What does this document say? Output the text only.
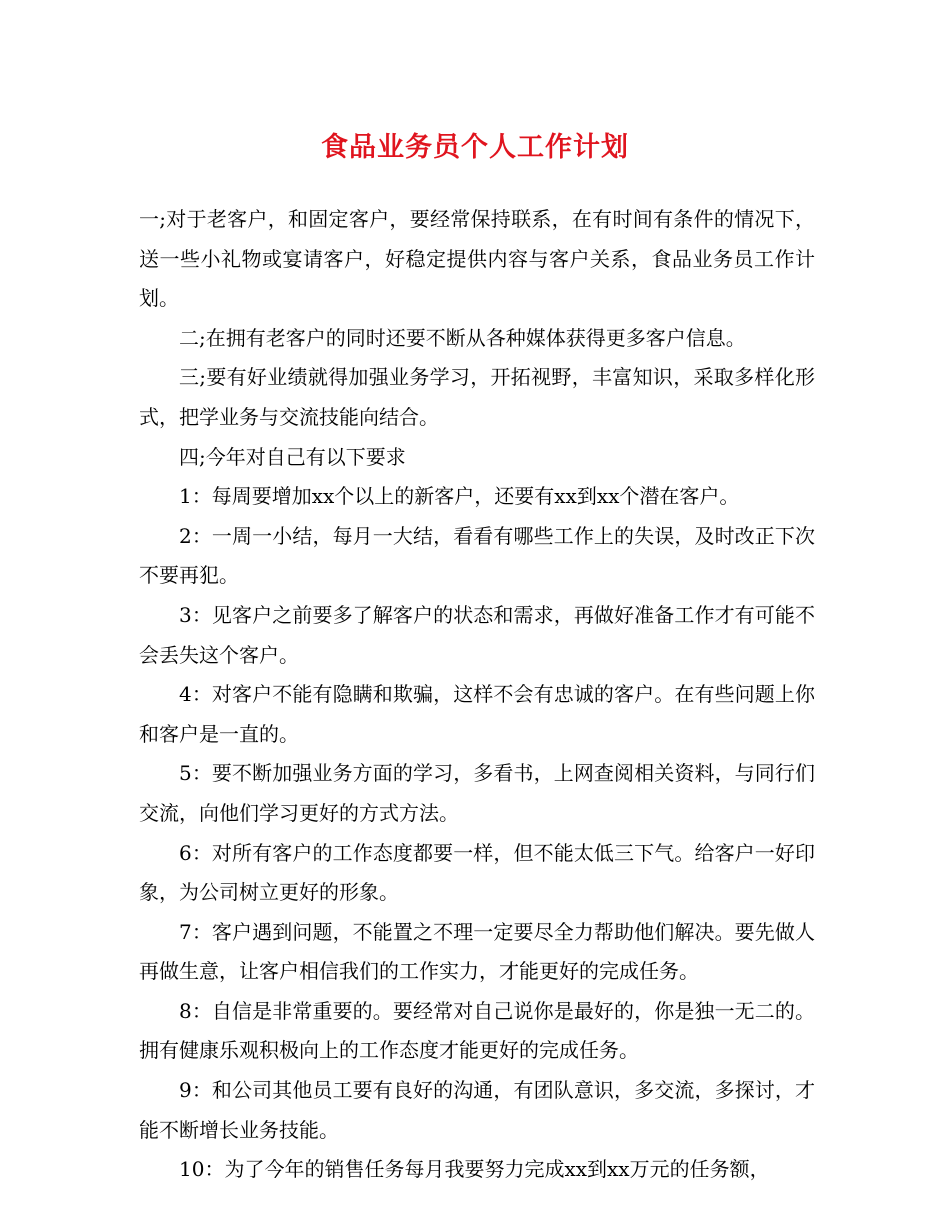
食品业务员个人工作计划

一;对于老客户，和固定客户，要经常保持联系，在有时间有条件的情况下，送一些小礼物或宴请客户，好稳定提供内容与客户关系，食品业务员工作计划。

二;在拥有老客户的同时还要不断从各种媒体获得更多客户信息。

三;要有好业绩就得加强业务学习，开拓视野，丰富知识，采取多样化形式，把学业务与交流技能向结合。

四;今年对自己有以下要求

1：每周要增加xx个以上的新客户，还要有xx到xx个潜在客户。

2：一周一小结，每月一大结，看看有哪些工作上的失误，及时改正下次不要再犯。

3：见客户之前要多了解客户的状态和需求，再做好准备工作才有可能不会丢失这个客户。

4：对客户不能有隐瞒和欺骗，这样不会有忠诚的客户。在有些问题上你和客户是一直的。

5：要不断加强业务方面的学习，多看书，上网查阅相关资料，与同行们交流，向他们学习更好的方式方法。

6：对所有客户的工作态度都要一样，但不能太低三下气。给客户一好印象，为公司树立更好的形象。

7：客户遇到问题，不能置之不理一定要尽全力帮助他们解决。要先做人再做生意，让客户相信我们的工作实力，才能更好的完成任务。

8：自信是非常重要的。要经常对自己说你是最好的，你是独一无二的。拥有健康乐观积极向上的工作态度才能更好的完成任务。

9：和公司其他员工要有良好的沟通，有团队意识，多交流，多探讨，才能不断增长业务技能。

10：为了今年的销售任务每月我要努力完成xx到xx万元的任务额，
